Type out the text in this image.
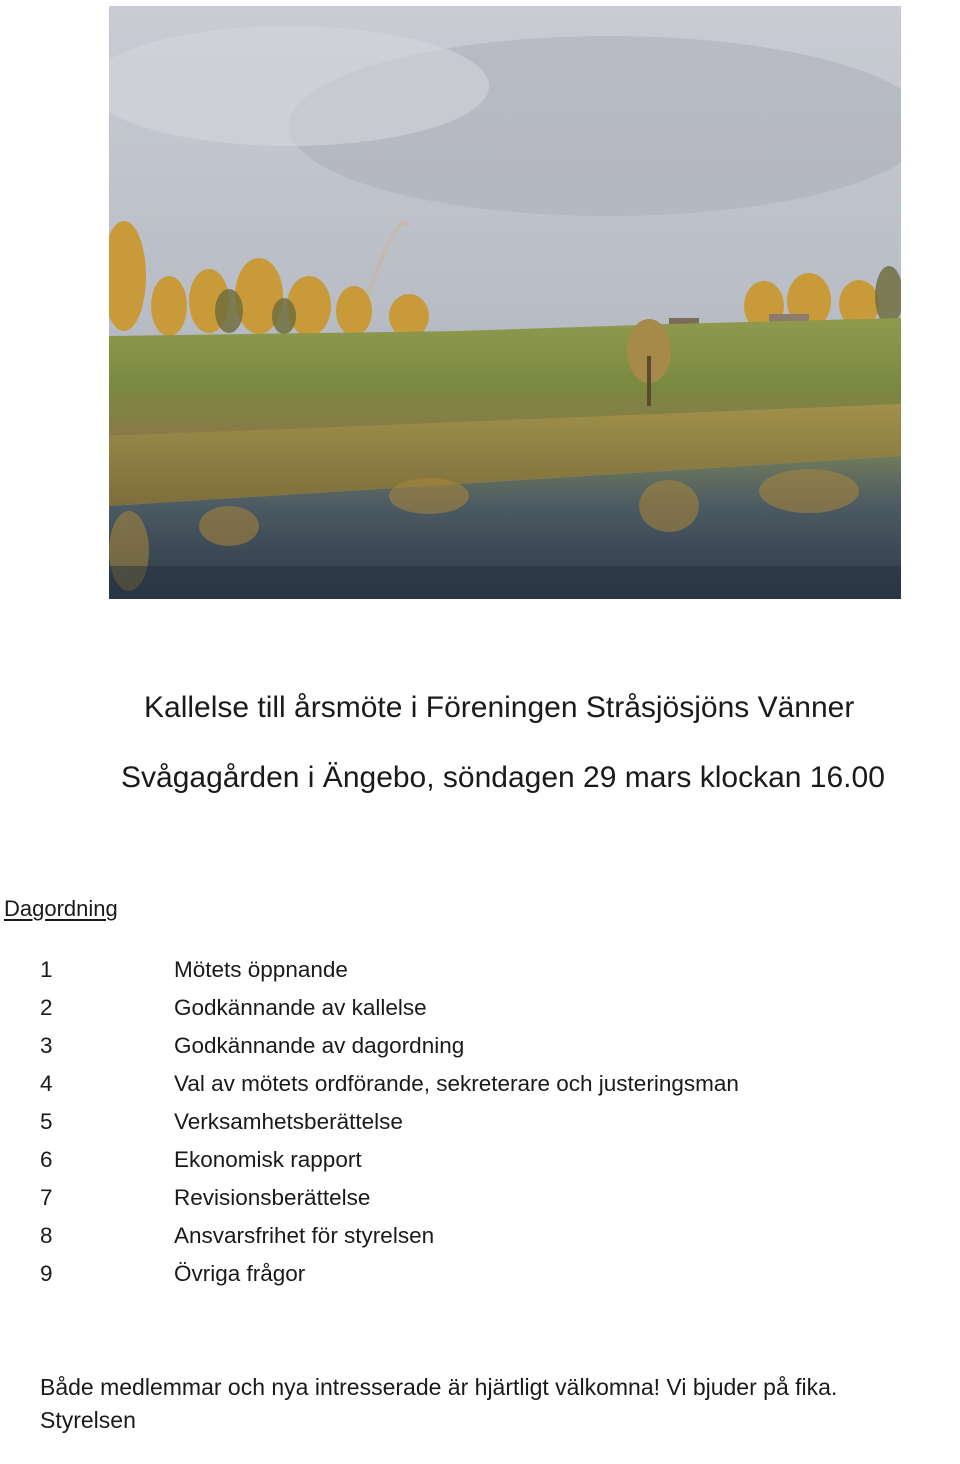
Kallelse till årsmöte i Föreningen Stråsjösjöns Vänner
Svågagården i Ängebo, söndagen 29 mars klockan 16.00
Dagordning
1	Mötets öppnande
2	Godkännande av kallelse
3	Godkännande av dagordning
4	Val av mötets ordförande, sekreterare och justeringsman
5	Verksamhetsberättelse
6	Ekonomisk rapport
7	Revisionsberättelse
8	Ansvarsfrihet för styrelsen
9	Övriga frågor
Både medlemmar och nya intresserade är hjärtligt välkomna! Vi bjuder på fika.
Styrelsen
